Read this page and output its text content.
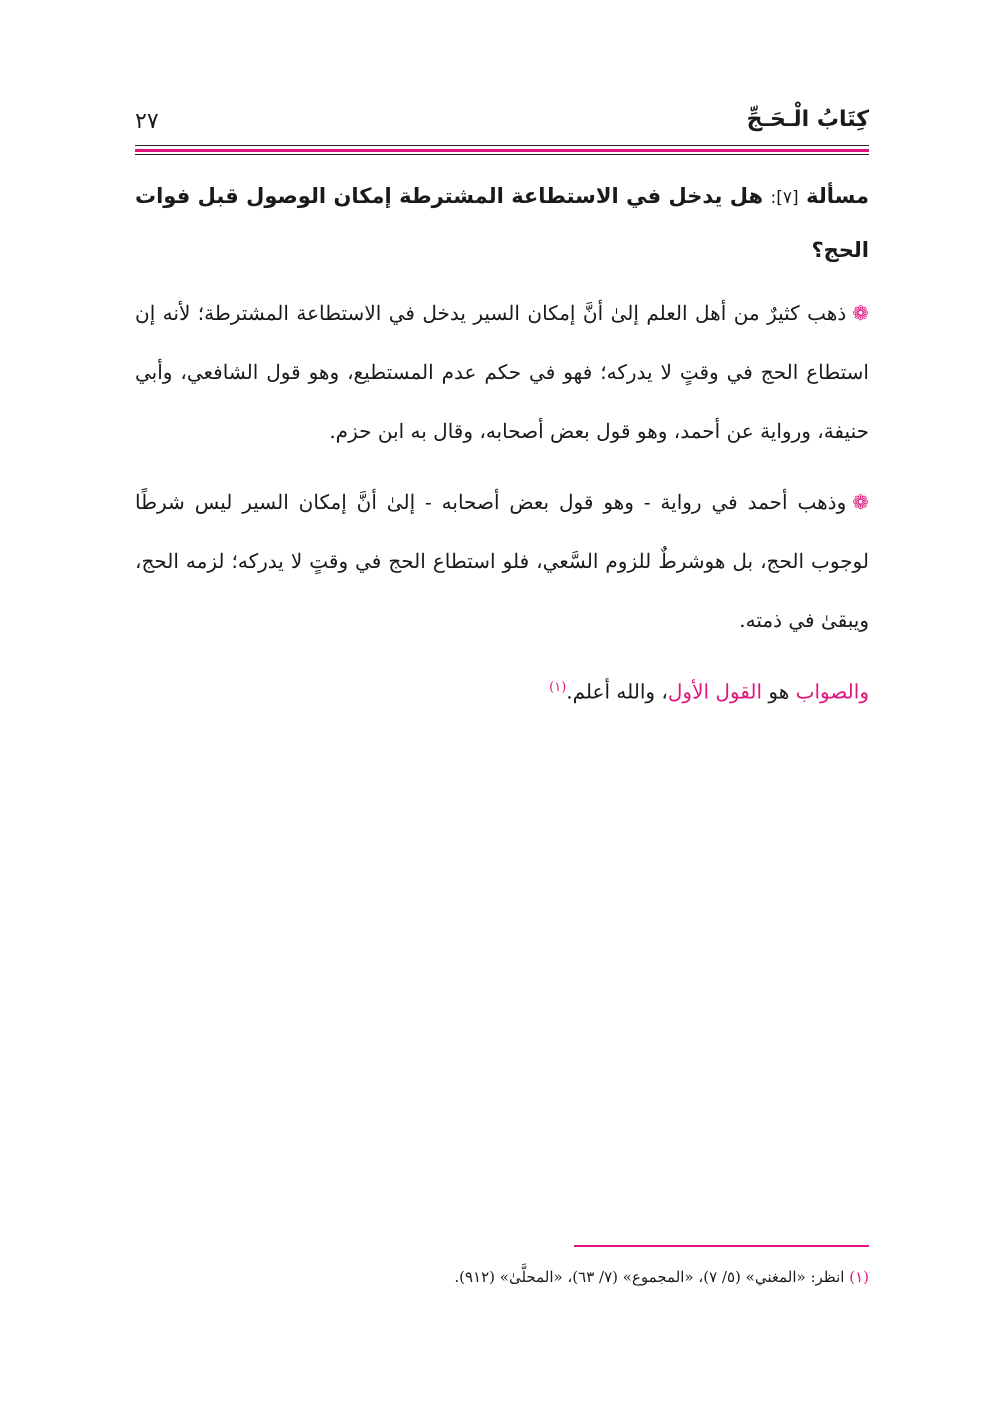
كِتَابُ الْـحَـجِّ
٢٧

مسألة [٧]: هل يدخل في الاستطاعة المشترطة إمكان الوصول قبل فوات الحج؟

❁ذهب كثيرٌ من أهل العلم إلىٰ أنَّ إمكان السير يدخل في الاستطاعة المشترطة؛ لأنه إن استطاع الحج في وقتٍ لا يدركه؛ فهو في حكم عدم المستطيع، وهو قول الشافعي، وأبي حنيفة، ورواية عن أحمد، وهو قول بعض أصحابه، وقال به ابن حزم.

❁وذهب أحمد في رواية - وهو قول بعض أصحابه - إلىٰ أنَّ إمكان السير ليس شرطًا لوجوب الحج، بل هوشرطٌ للزوم السَّعي، فلو استطاع الحج في وقتٍ لا يدركه؛ لزمه الحج، ويبقىٰ في ذمته.

والصواب هو القول الأول، والله أعلم.$^{(١)}$

(١) انظر: «المغني» (٥/ ٧)، «المجموع» (٧/ ٦٣)، «المحلَّىٰ» (٩١٢).
